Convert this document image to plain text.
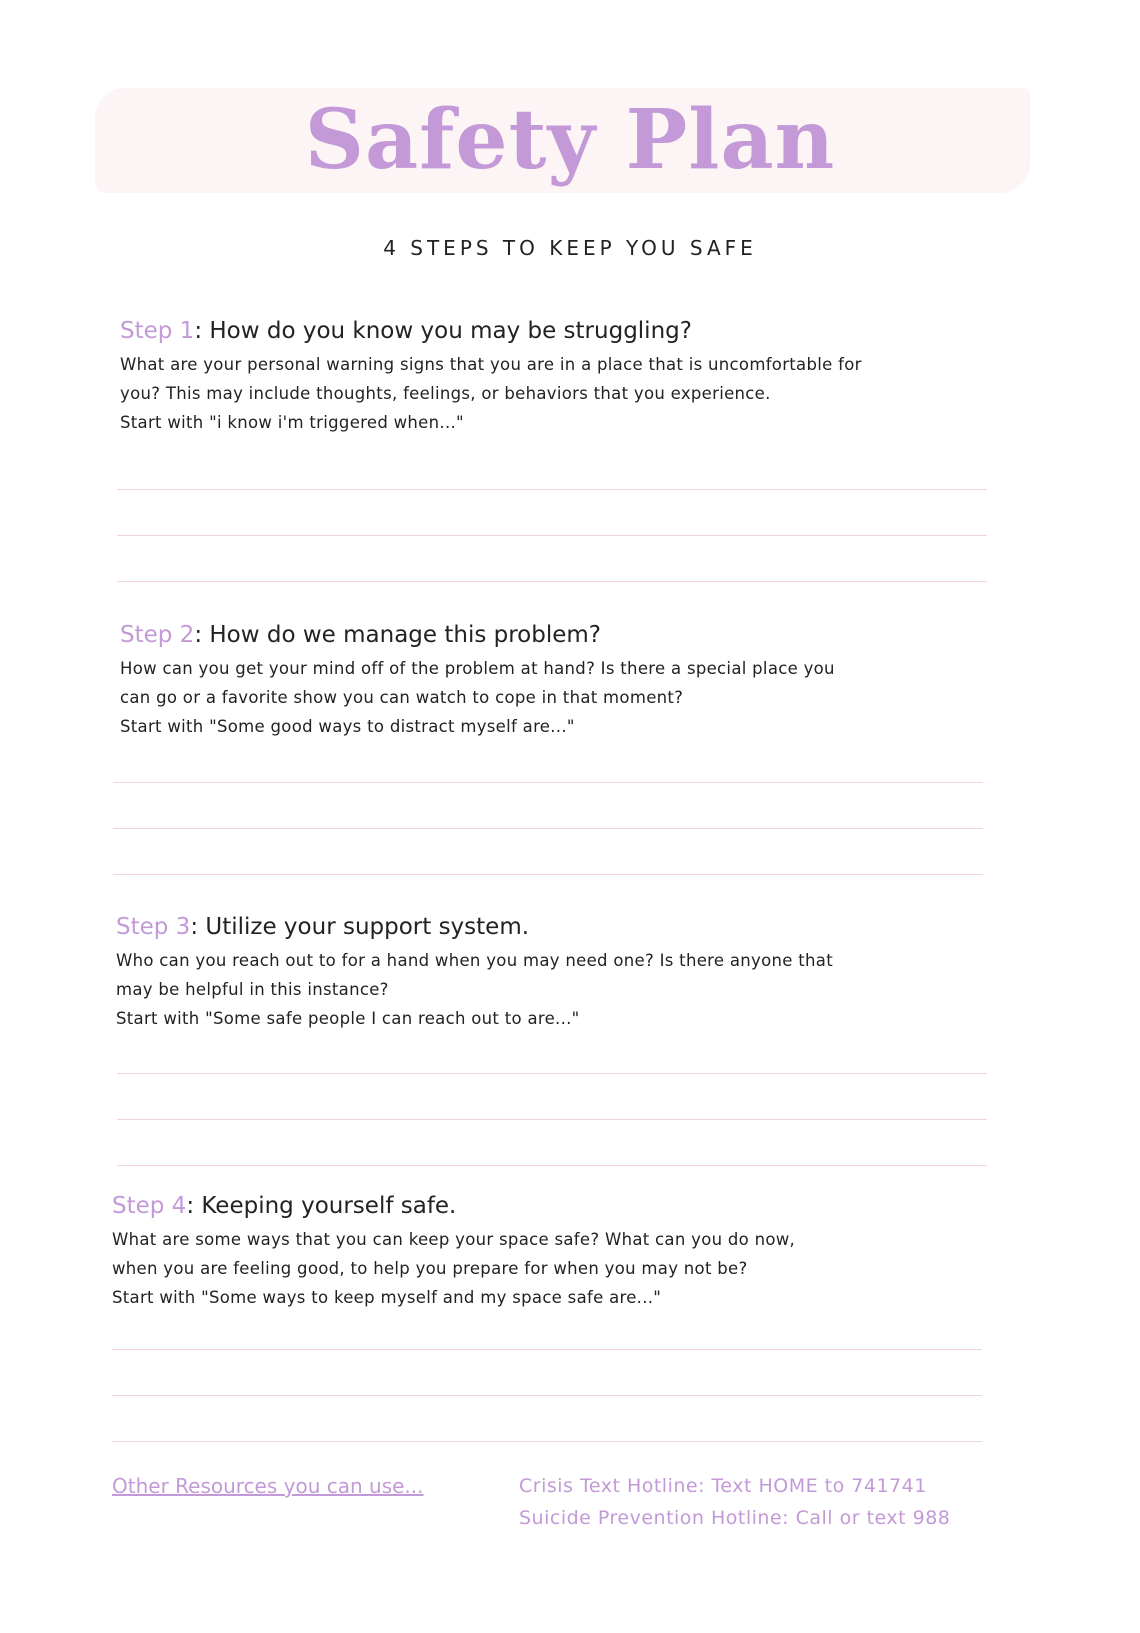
Safety Plan
4 STEPS TO KEEP YOU SAFE
Step 1: How do you know you may be struggling?

What are your personal warning signs that you are in a place that is uncomfortable for
you? This may include thoughts, feelings, or behaviors that you experience.
Start with "i know i'm triggered when..."

Step 2: How do we manage this problem?

How can you get your mind off of the problem at hand? Is there a special place you
can go or a favorite show you can watch to cope in that moment?
Start with "Some good ways to distract myself are..."

Step 3: Utilize your support system.

Who can you reach out to for a hand when you may need one? Is there anyone that
may be helpful in this instance?
Start with "Some safe people I can reach out to are..."

Step 4: Keeping yourself safe.

What are some ways that you can keep your space safe? What can you do now,
when you are feeling good, to help you prepare for when you may not be?
Start with "Some ways to keep myself and my space safe are..."

Other Resources you can use...	Crisis Text Hotline: Text HOME to 741741
Suicide Prevention Hotline: Call or text 988
